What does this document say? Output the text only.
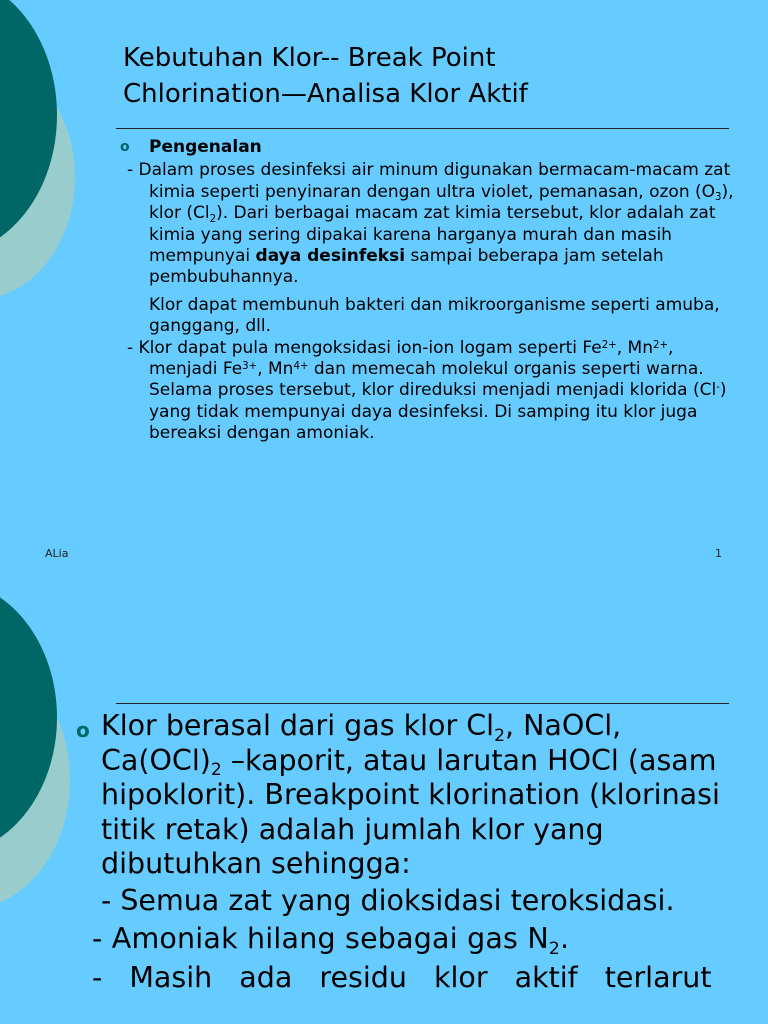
Kebutuhan Klor-- Break Point
Chlorination—Analisa Klor Aktif
o	Pengenalan

- Dalam proses desinfeksi air minum digunakan bermacam-macam zat kimia seperti penyinaran dengan ultra violet, pemanasan, ozon $(O_3)$, klor $(Cl_2)$. Dari berbagai macam zat kimia tersebut, klor adalah zat kimia yang sering dipakai karena harganya murah dan masih mempunyai daya desinfeksi sampai beberapa jam setelah pembubuhannya.

Klor dapat membunuh bakteri dan mikroorganisme seperti amuba, ganggang, dll.

- Klor dapat pula mengoksidasi ion-ion logam seperti $Fe^{2+}$, $Mn^{2+}$, menjadi $Fe^{3+}$, $Mn^{4+}$ dan memecah molekul organis seperti warna. Selama proses tersebut, klor direduksi menjadi menjadi klorida (Cl-) yang tidak mempunyai daya desinfeksi. Di samping itu klor juga bereaksi dengan amoniak.

ALia	1
o Klor berasal dari gas klor $Cl_2$, NaOCl, $Ca(OCl)_2$ –kaporit, atau larutan HOCl (asam hipoklorit). Breakpoint klorination (klorinasi titik retak) adalah jumlah klor yang dibutuhkan sehingga:

- Semua zat yang dioksidasi teroksidasi.

- Amoniak hilang sebagai gas $N_2$.

- Masih ada residu klor aktif terlarut
